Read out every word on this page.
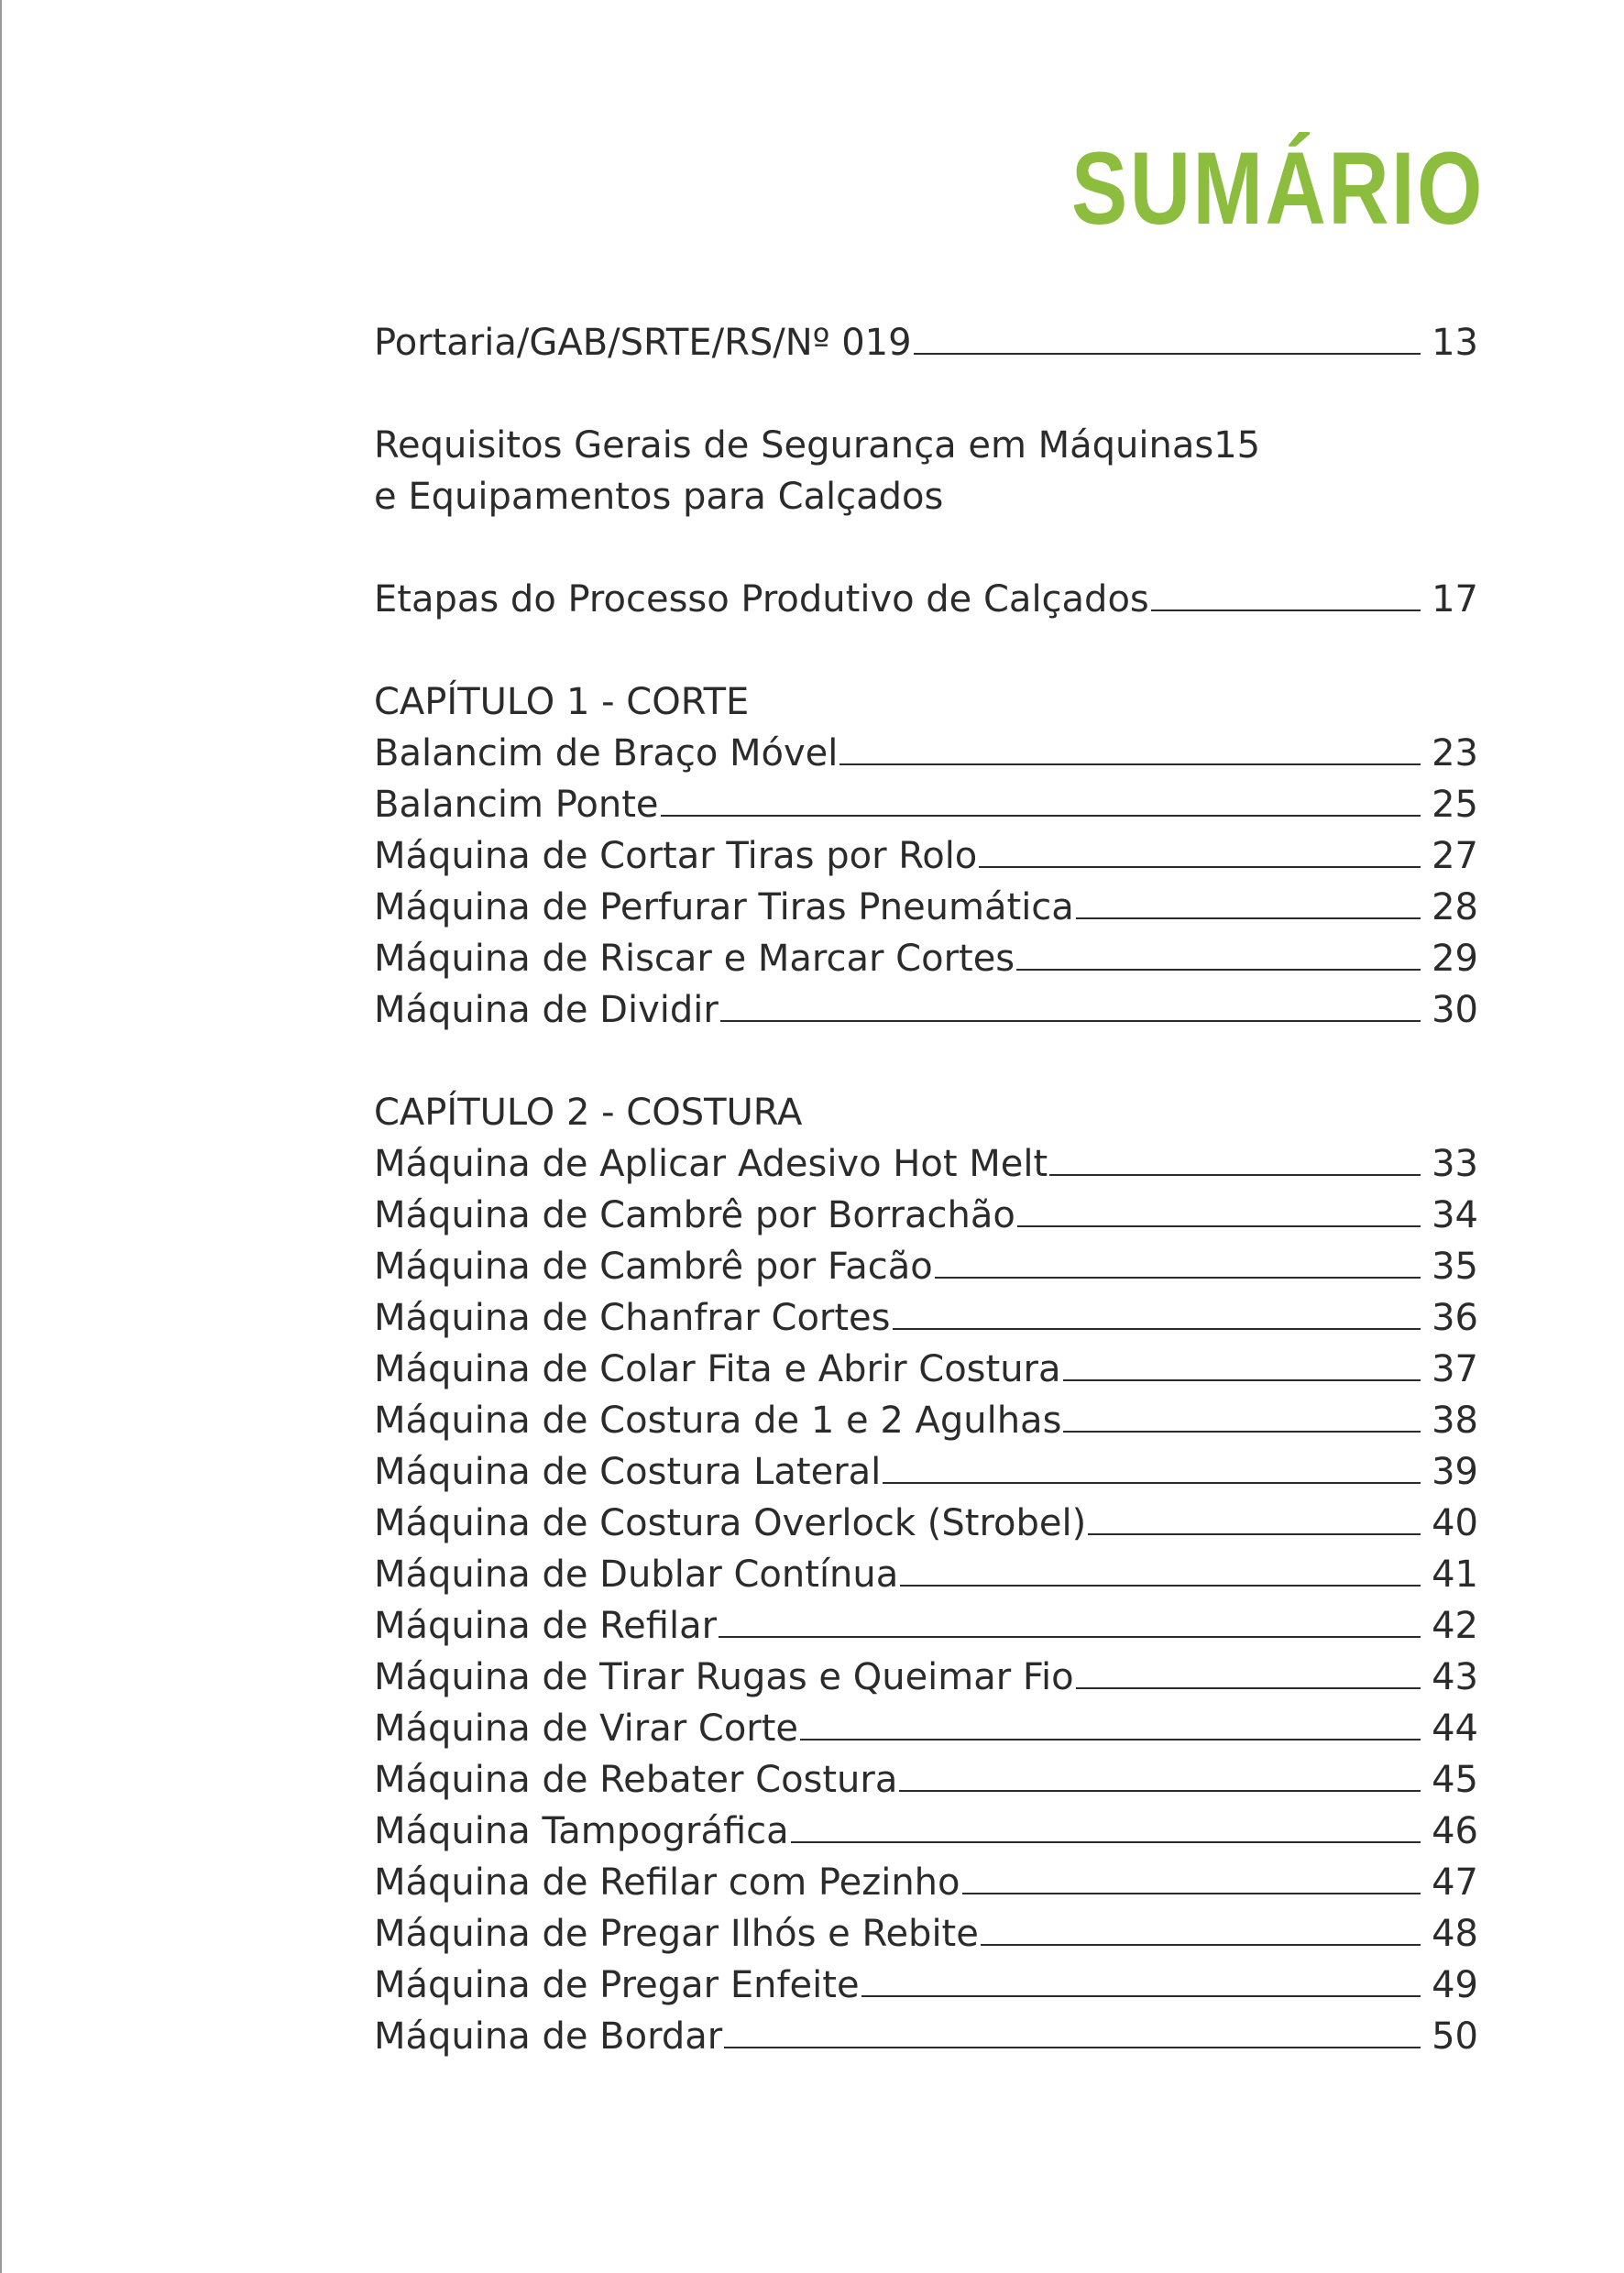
SUMÁRIO
Portaria/GAB/SRTE/RS/Nº 019	13
Requisitos Gerais de Segurança em Máquinas 15
e Equipamentos para Calçados
Etapas do Processo Produtivo de Calçados	17
CAPÍTULO 1 - CORTE
Balancim de Braço Móvel	23
Balancim Ponte	25
Máquina de Cortar Tiras por Rolo	27
Máquina de Perfurar Tiras Pneumática	28
Máquina de Riscar e Marcar Cortes	29
Máquina de Dividir	30
CAPÍTULO 2 - COSTURA
Máquina de Aplicar Adesivo Hot Melt	33
Máquina de Cambrê por Borrachão	34
Máquina de Cambrê por Facão	35
Máquina de Chanfrar Cortes	36
Máquina de Colar Fita e Abrir Costura	37
Máquina de Costura de 1 e 2 Agulhas	38
Máquina de Costura Lateral	39
Máquina de Costura Overlock (Strobel)	40
Máquina de Dublar Contínua	41
Máquina de Refilar	42
Máquina de Tirar Rugas e Queimar Fio	43
Máquina de Virar Corte	44
Máquina de Rebater Costura	45
Máquina Tampográfica	46
Máquina de Refilar com Pezinho	47
Máquina de Pregar Ilhós e Rebite	48
Máquina de Pregar Enfeite	49
Máquina de Bordar	50
